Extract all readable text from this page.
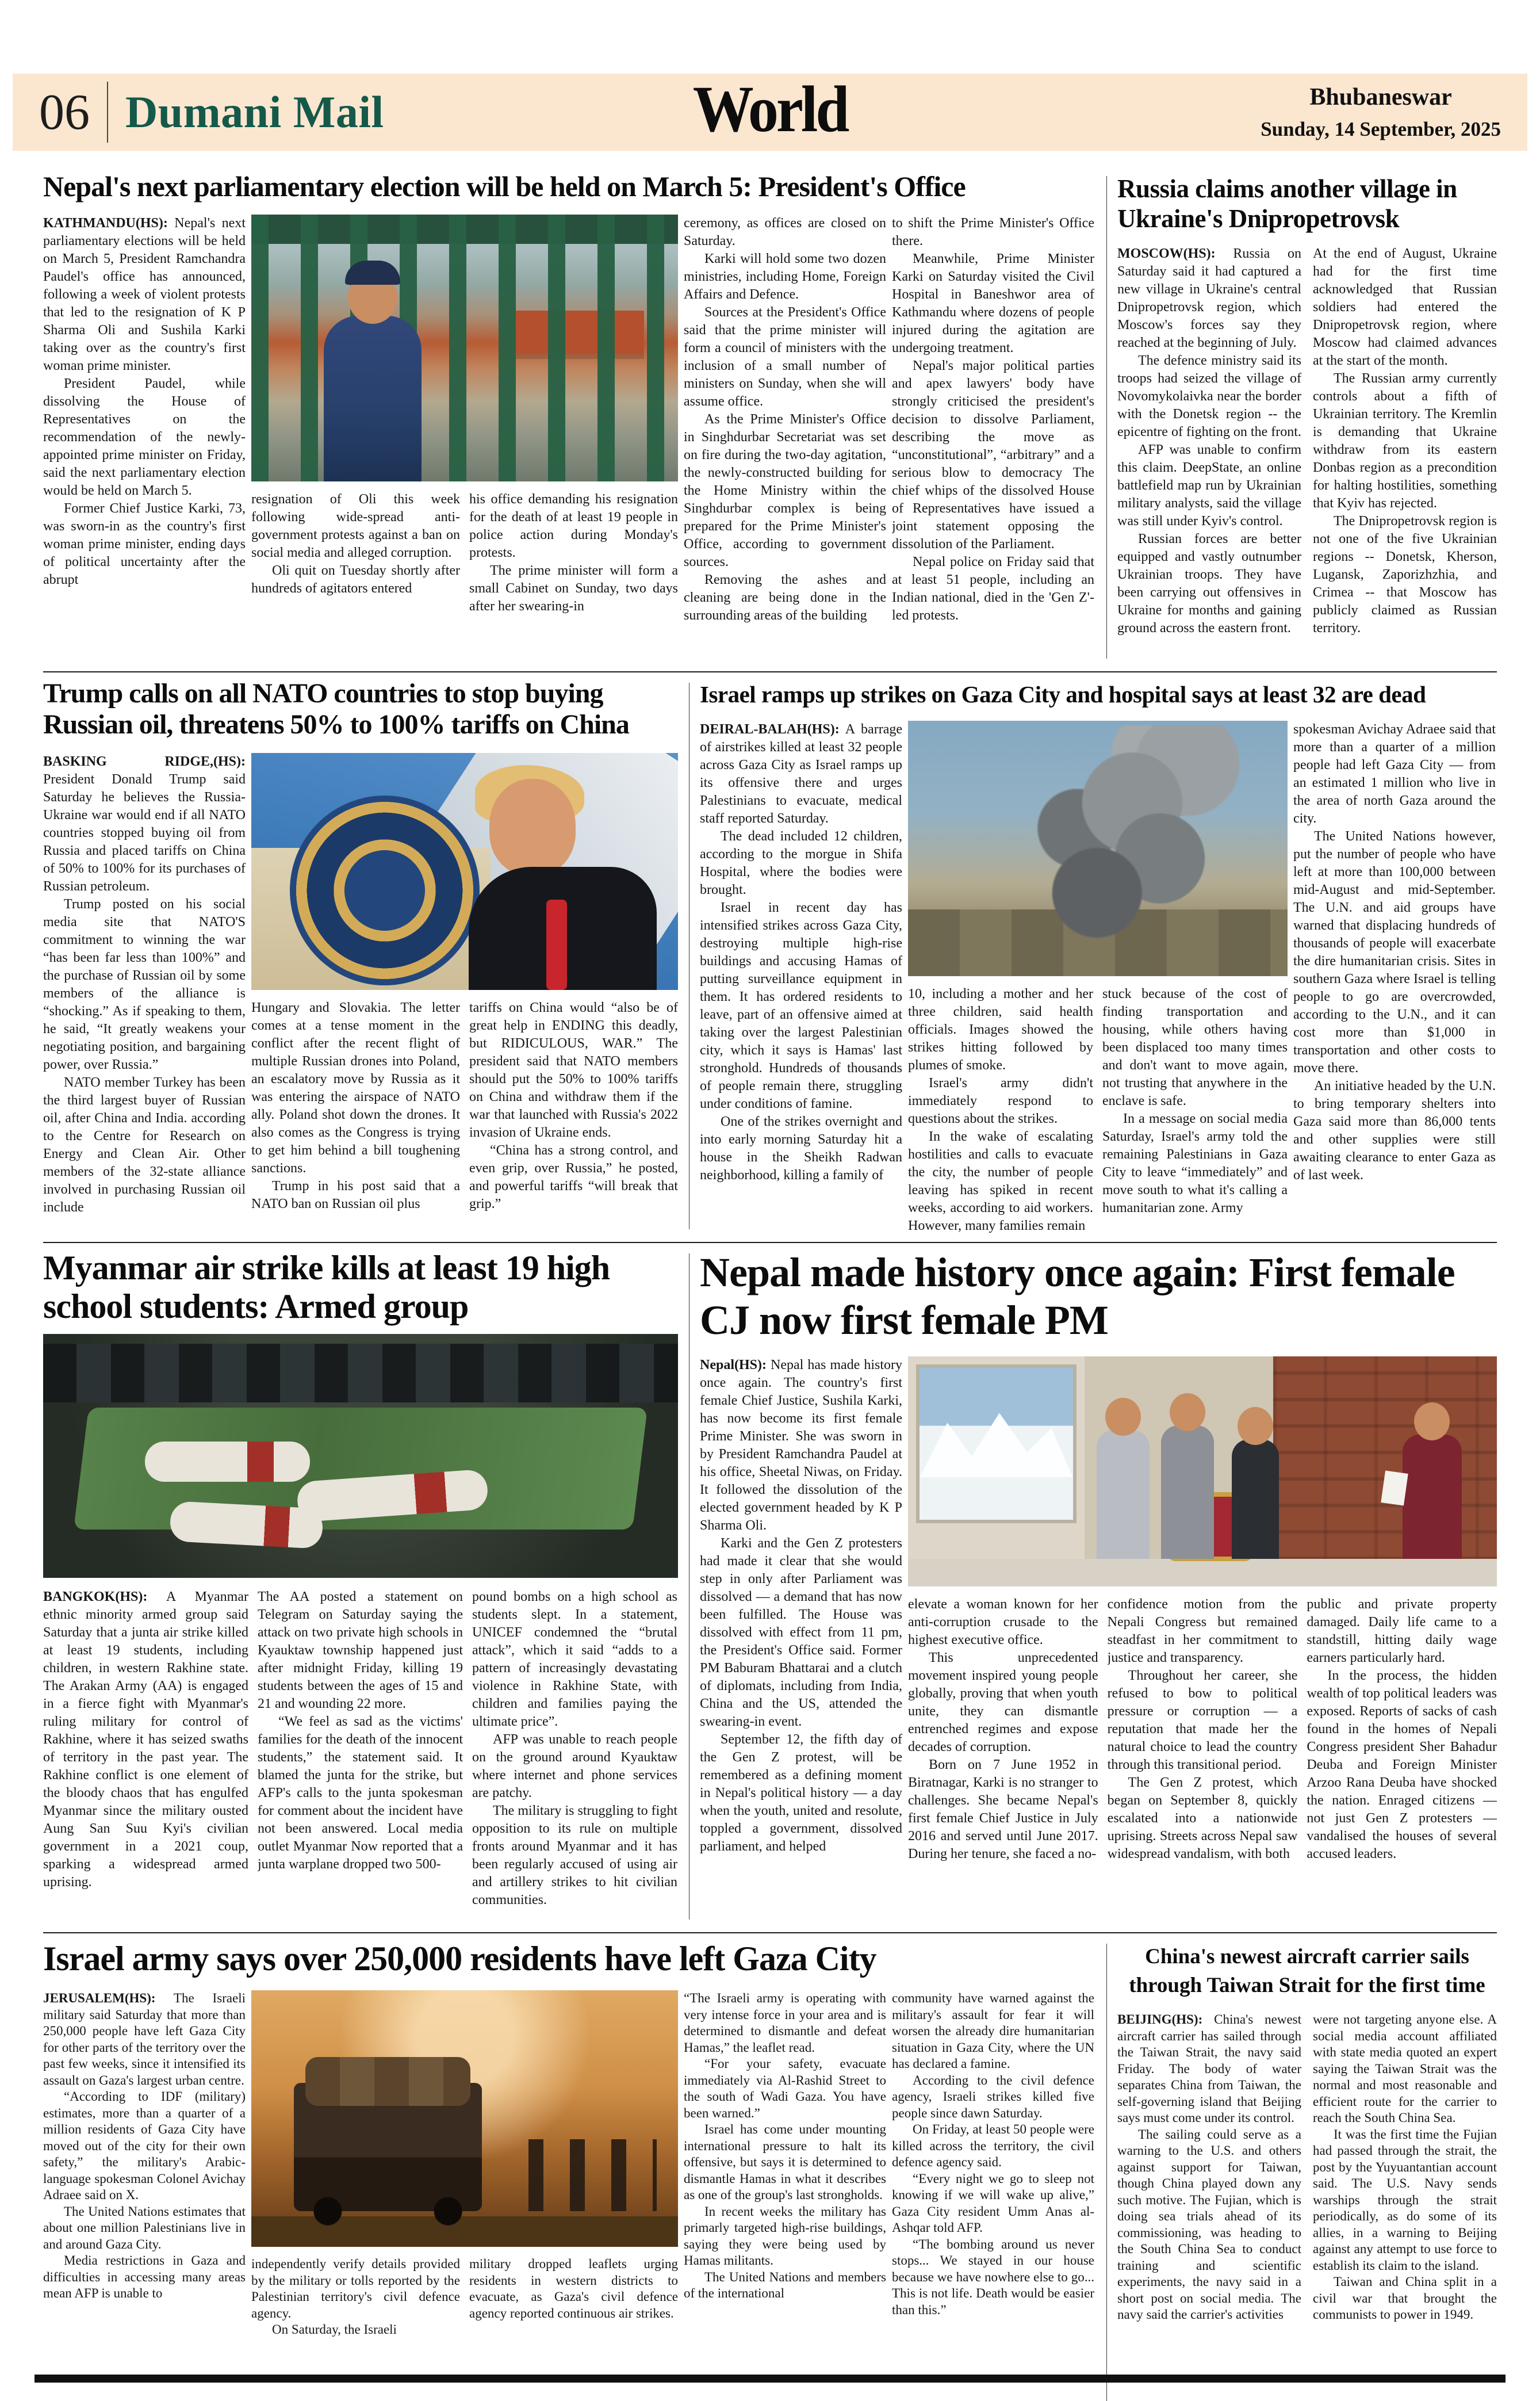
06 Dumani Mail	World	Bhubaneswar
Sunday, 14 September, 2025
Nepal's next parliamentary election will be held on March 5: President's Office

KATHMANDU(HS): Nepal's next parliamentary elections will be held on March 5, President Ramchandra Paudel's office has announced, following a week of violent protests that led to the resignation of K P Sharma Oli and Sushila Karki taking over as the country's first woman prime minister.

President Paudel, while dissolving the House of Representatives on the recommendation of the newly-appointed prime minister on Friday, said the next parliamentary election would be held on March 5.

Former Chief Justice Karki, 73, was sworn-in as the country's first woman prime minister, ending days of political uncertainty after the abrupt

resignation of Oli this week following wide-spread anti-government protests against a ban on social media and alleged corruption.

Oli quit on Tuesday shortly after hundreds of agitators entered

his office demanding his resignation for the death of at least 19 people in police action during Monday's protests.

The prime minister will form a small Cabinet on Sunday, two days after her swearing-in

ceremony, as offices are closed on Saturday.

Karki will hold some two dozen ministries, including Home, Foreign Affairs and Defence.

Sources at the President's Office said that the prime minister will form a council of ministers with the inclusion of a small number of ministers on Sunday, when she will assume office.

As the Prime Minister's Office in Singhdurbar Secretariat was set on fire during the two-day agitation, the newly-constructed building for the Home Ministry within the Singhdurbar complex is being prepared for the Prime Minister's Office, according to government sources.

Removing the ashes and cleaning are being done in the surrounding areas of the building

to shift the Prime Minister's Office there.

Meanwhile, Prime Minister Karki on Saturday visited the Civil Hospital in Baneshwor area of Kathmandu where dozens of people injured during the agitation are undergoing treatment.

Nepal's major political parties and apex lawyers' body have strongly criticised the president's decision to dissolve Parliament, describing the move as “unconstitutional”, “arbitrary” and a serious blow to democracy The chief whips of the dissolved House of Representatives have issued a joint statement opposing the dissolution of the Parliament.

Nepal police on Friday said that at least 51 people, including an Indian national, died in the 'Gen Z'-led protests.

Russia claims another village in Ukraine's Dnipropetrovsk

MOSCOW(HS): Russia on Saturday said it had captured a new village in Ukraine's central Dnipropetrovsk region, which Moscow's forces say they reached at the beginning of July.

The defence ministry said its troops had seized the village of Novomykolaivka near the border with the Donetsk region -- the epicentre of fighting on the front.

AFP was unable to confirm this claim. DeepState, an online battlefield map run by Ukrainian military analysts, said the village was still under Kyiv's control.

Russian forces are better equipped and vastly outnumber Ukrainian troops. They have been carrying out offensives in Ukraine for months and gaining ground across the eastern front.

At the end of August, Ukraine had for the first time acknowledged that Russian soldiers had entered the Dnipropetrovsk region, where Moscow had claimed advances at the start of the month.

The Russian army currently controls about a fifth of Ukrainian territory. The Kremlin is demanding that Ukraine withdraw from its eastern Donbas region as a precondition for halting hostilities, something that Kyiv has rejected.

The Dnipropetrovsk region is not one of the five Ukrainian regions -- Donetsk, Kherson, Lugansk, Zaporizhzhia, and Crimea -- that Moscow has publicly claimed as Russian territory.

Trump calls on all NATO countries to stop buying Russian oil, threatens 50% to 100% tariffs on China

BASKING RIDGE,(HS): President Donald Trump said Saturday he believes the Russia-Ukraine war would end if all NATO countries stopped buying oil from Russia and placed tariffs on China of 50% to 100% for its purchases of Russian petroleum.

Trump posted on his social media site that NATO'S commitment to winning the war “has been far less than 100%” and the purchase of Russian oil by some members of the alliance is “shocking.” As if speaking to them, he said, “It greatly weakens your negotiating position, and bargaining power, over Russia.”

NATO member Turkey has been the third largest buyer of Russian oil, after China and India. according to the Centre for Research on Energy and Clean Air. Other members of the 32-state alliance involved in purchasing Russian oil include

Hungary and Slovakia. The letter comes at a tense moment in the conflict after the recent flight of multiple Russian drones into Poland, an escalatory move by Russia as it was entering the airspace of NATO ally. Poland shot down the drones. It also comes as the Congress is trying to get him behind a bill toughening sanctions.

Trump in his post said that a NATO ban on Russian oil plus

tariffs on China would “also be of great help in ENDING this deadly, but RIDICULOUS, WAR.” The president said that NATO members should put the 50% to 100% tariffs on China and withdraw them if the war that launched with Russia's 2022 invasion of Ukraine ends.

“China has a strong control, and even grip, over Russia,” he posted, and powerful tariffs “will break that grip.”

Israel ramps up strikes on Gaza City and hospital says at least 32 are dead

DEIRAL-BALAH(HS): A barrage of airstrikes killed at least 32 people across Gaza City as Israel ramps up its offensive there and urges Palestinians to evacuate, medical staff reported Saturday.

The dead included 12 children, according to the morgue in Shifa Hospital, where the bodies were brought.

Israel in recent day has intensified strikes across Gaza City, destroying multiple high-rise buildings and accusing Hamas of putting surveillance equipment in them. It has ordered residents to leave, part of an offensive aimed at taking over the largest Palestinian city, which it says is Hamas' last stronghold. Hundreds of thousands of people remain there, struggling under conditions of famine.

One of the strikes overnight and into early morning Saturday hit a house in the Sheikh Radwan neighborhood, killing a family of

10, including a mother and her three children, said health officials. Images showed the strikes hitting followed by plumes of smoke.

Israel's army didn't immediately respond to questions about the strikes.

In the wake of escalating hostilities and calls to evacuate the city, the number of people leaving has spiked in recent weeks, according to aid workers. However, many families remain

stuck because of the cost of finding transportation and housing, while others having been displaced too many times and don't want to move again, not trusting that anywhere in the enclave is safe.

In a message on social media Saturday, Israel's army told the remaining Palestinians in Gaza City to leave “immediately” and move south to what it's calling a humanitarian zone. Army

spokesman Avichay Adraee said that more than a quarter of a million people had left Gaza City — from an estimated 1 million who live in the area of north Gaza around the city.

The United Nations however, put the number of people who have left at more than 100,000 between mid-August and mid-September. The U.N. and aid groups have warned that displacing hundreds of thousands of people will exacerbate the dire humanitarian crisis. Sites in southern Gaza where Israel is telling people to go are overcrowded, according to the U.N., and it can cost more than $1,000 in transportation and other costs to move there.

An initiative headed by the U.N. to bring temporary shelters into Gaza said more than 86,000 tents and other supplies were still awaiting clearance to enter Gaza as of last week.

Myanmar air strike kills at least 19 high school students: Armed group

BANGKOK(HS): A Myanmar ethnic minority armed group said Saturday that a junta air strike killed at least 19 students, including children, in western Rakhine state. The Arakan Army (AA) is engaged in a fierce fight with Myanmar's ruling military for control of Rakhine, where it has seized swaths of territory in the past year. The Rakhine conflict is one element of the bloody chaos that has engulfed Myanmar since the military ousted Aung San Suu Kyi's civilian government in a 2021 coup, sparking a widespread armed uprising.

The AA posted a statement on Telegram on Saturday saying the attack on two private high schools in Kyauktaw township happened just after midnight Friday, killing 19 students between the ages of 15 and 21 and wounding 22 more.

“We feel as sad as the victims' families for the death of the innocent students,” the statement said. It blamed the junta for the strike, but AFP's calls to the junta spokesman for comment about the incident have not been answered. Local media outlet Myanmar Now reported that a junta warplane dropped two 500-

pound bombs on a high school as students slept. In a statement, UNICEF condemned the “brutal attack”, which it said “adds to a pattern of increasingly devastating violence in Rakhine State, with children and families paying the ultimate price”.

AFP was unable to reach people on the ground around Kyauktaw where internet and phone services are patchy.

The military is struggling to fight opposition to its rule on multiple fronts around Myanmar and it has been regularly accused of using air and artillery strikes to hit civilian communities.

Nepal made history once again: First female CJ now first female PM

Nepal(HS): Nepal has made history once again. The country's first female Chief Justice, Sushila Karki, has now become its first female Prime Minister. She was sworn in by President Ramchandra Paudel at his office, Sheetal Niwas, on Friday. It followed the dissolution of the elected government headed by K P Sharma Oli.

Karki and the Gen Z protesters had made it clear that she would step in only after Parliament was dissolved — a demand that has now been fulfilled. The House was dissolved with effect from 11 pm, the President's Office said. Former PM Baburam Bhattarai and a clutch of diplomats, including from India, China and the US, attended the swearing-in event.

September 12, the fifth day of the Gen Z protest, will be remembered as a defining moment in Nepal's political history — a day when the youth, united and resolute, toppled a government, dissolved parliament, and helped

elevate a woman known for her anti-corruption crusade to the highest executive office.

This unprecedented movement inspired young people globally, proving that when youth unite, they can dismantle entrenched regimes and expose decades of corruption.

Born on 7 June 1952 in Biratnagar, Karki is no stranger to challenges. She became Nepal's first female Chief Justice in July 2016 and served until June 2017. During her tenure, she faced a no-

confidence motion from the Nepali Congress but remained steadfast in her commitment to justice and transparency.

Throughout her career, she refused to bow to political pressure or corruption — a reputation that made her the natural choice to lead the country through this transitional period.

The Gen Z protest, which began on September 8, quickly escalated into a nationwide uprising. Streets across Nepal saw widespread vandalism, with both

public and private property damaged. Daily life came to a standstill, hitting daily wage earners particularly hard.

In the process, the hidden wealth of top political leaders was exposed. Reports of sacks of cash found in the homes of Nepali Congress president Sher Bahadur Deuba and Foreign Minister Arzoo Rana Deuba have shocked the nation. Enraged citizens — not just Gen Z protesters — vandalised the houses of several accused leaders.

Israel army says over 250,000 residents have left Gaza City

JERUSALEM(HS): The Israeli military said Saturday that more than 250,000 people have left Gaza City for other parts of the territory over the past few weeks, since it intensified its assault on Gaza's largest urban centre.

“According to IDF (military) estimates, more than a quarter of a million residents of Gaza City have moved out of the city for their own safety,” the military's Arabic-language spokesman Colonel Avichay Adraee said on X.

The United Nations estimates that about one million Palestinians live in and around Gaza City.

Media restrictions in Gaza and difficulties in accessing many areas mean AFP is unable to

independently verify details provided by the military or tolls reported by the Palestinian territory's civil defence agency.

On Saturday, the Israeli

military dropped leaflets urging residents in western districts to evacuate, as Gaza's civil defence agency reported continuous air strikes.

“The Israeli army is operating with very intense force in your area and is determined to dismantle and defeat Hamas,” the leaflet read.

“For your safety, evacuate immediately via Al-Rashid Street to the south of Wadi Gaza. You have been warned.”

Israel has come under mounting international pressure to halt its offensive, but says it is determined to dismantle Hamas in what it describes as one of the group's last strongholds.

In recent weeks the military has primarly targeted high-rise buildings, saying they were being used by Hamas militants.

The United Nations and members of the international

community have warned against the military's assault for fear it will worsen the already dire humanitarian situation in Gaza City, where the UN has declared a famine.

According to the civil defence agency, Israeli strikes killed five people since dawn Saturday.

On Friday, at least 50 people were killed across the territory, the civil defence agency said.

“Every night we go to sleep not knowing if we will wake up alive,” Gaza City resident Umm Anas al-Ashqar told AFP.

“The bombing around us never stops... We stayed in our house because we have nowhere else to go... This is not life. Death would be easier than this.”

China's newest aircraft carrier sails through Taiwan Strait for the first time

BEIJING(HS): China's newest aircraft carrier has sailed through the Taiwan Strait, the navy said Friday. The body of water separates China from Taiwan, the self-governing island that Beijing says must come under its control.

The sailing could serve as a warning to the U.S. and others against support for Taiwan, though China played down any such motive. The Fujian, which is doing sea trials ahead of its commissioning, was heading to the South China Sea to conduct training and scientific experiments, the navy said in a short post on social media. The navy said the carrier's activities

were not targeting anyone else. A social media account affiliated with state media quoted an expert saying the Taiwan Strait was the normal and most reasonable and efficient route for the carrier to reach the South China Sea.

It was the first time the Fujian had passed through the strait, the post by the Yuyuantantian account said. The U.S. Navy sends warships through the strait periodically, as do some of its allies, in a warning to Beijing against any attempt to use force to establish its claim to the island.

Taiwan and China split in a civil war that brought the communists to power in 1949.
